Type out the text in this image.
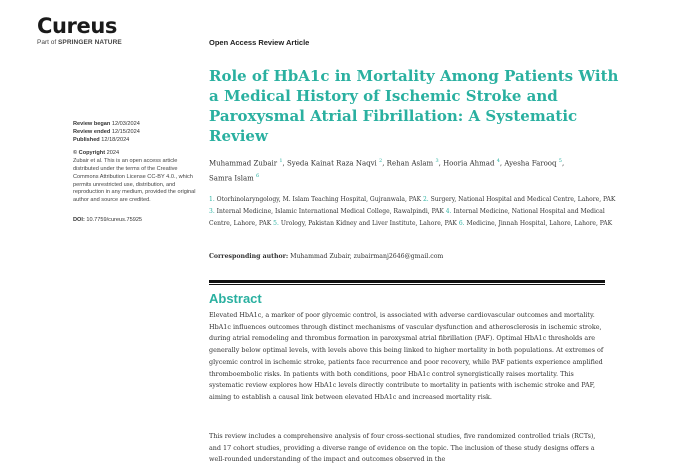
Cureus
Part of SPRINGER NATURE	Open Access Review Article
Role of HbA1c in Mortality Among Patients With a Medical History of Ischemic Stroke and Paroxysmal Atrial Fibrillation: A Systematic Review
Review began 12/03/2024
Review ended 12/15/2024
Published 12/18/2024
© Copyright 2024
Zubair et al. This is an open access article distributed under the terms of the Creative Commons Attribution License CC-BY 4.0., which permits unrestricted use, distribution, and reproduction in any medium, provided the original author and source are credited.
DOI: 10.7759/cureus.75925
Muhammad Zubair $^1$, Syeda Kainat Raza Naqvi $^2$, Rehan Aslam $^3$, Hooria Ahmad $^4$, Ayesha Farooq $^5$,
Samra Islam $^6$
1. Otorhinolaryngology, M. Islam Teaching Hospital, Gujranwala, PAK 2. Surgery, National Hospital and Medical Centre, Lahore, PAK 3. Internal Medicine, Islamic International Medical College, Rawalpindi, PAK 4. Internal Medicine, National Hospital and Medical Centre, Lahore, PAK 5. Urology, Pakistan Kidney and Liver Institute, Lahore, PAK 6. Medicine, Jinnah Hospital, Lahore, Lahore, PAK
Corresponding author: Muhammad Zubair, zubairmanj2646@gmail.com
Abstract

Elevated HbA1c, a marker of poor glycemic control, is associated with adverse cardiovascular outcomes and mortality. HbA1c influences outcomes through distinct mechanisms of vascular dysfunction and atherosclerosis in ischemic stroke, during atrial remodeling and thrombus formation in paroxysmal atrial fibrillation (PAF). Optimal HbA1c thresholds are generally below optimal levels, with levels above this being linked to higher mortality in both populations. At extremes of glycemic control in ischemic stroke, patients face recurrence and poor recovery, while PAF patients experience amplified thromboembolic risks. In patients with both conditions, poor HbA1c control synergistically raises mortality. This systematic review explores how HbA1c levels directly contribute to mortality in patients with ischemic stroke and PAF, aiming to establish a causal link between elevated HbA1c and increased mortality risk.

This review includes a comprehensive analysis of four cross-sectional studies, five randomized controlled trials (RCTs), and 17 cohort studies, providing a diverse range of evidence on the topic. The inclusion of these study designs offers a well-rounded understanding of the impact and outcomes observed in the
